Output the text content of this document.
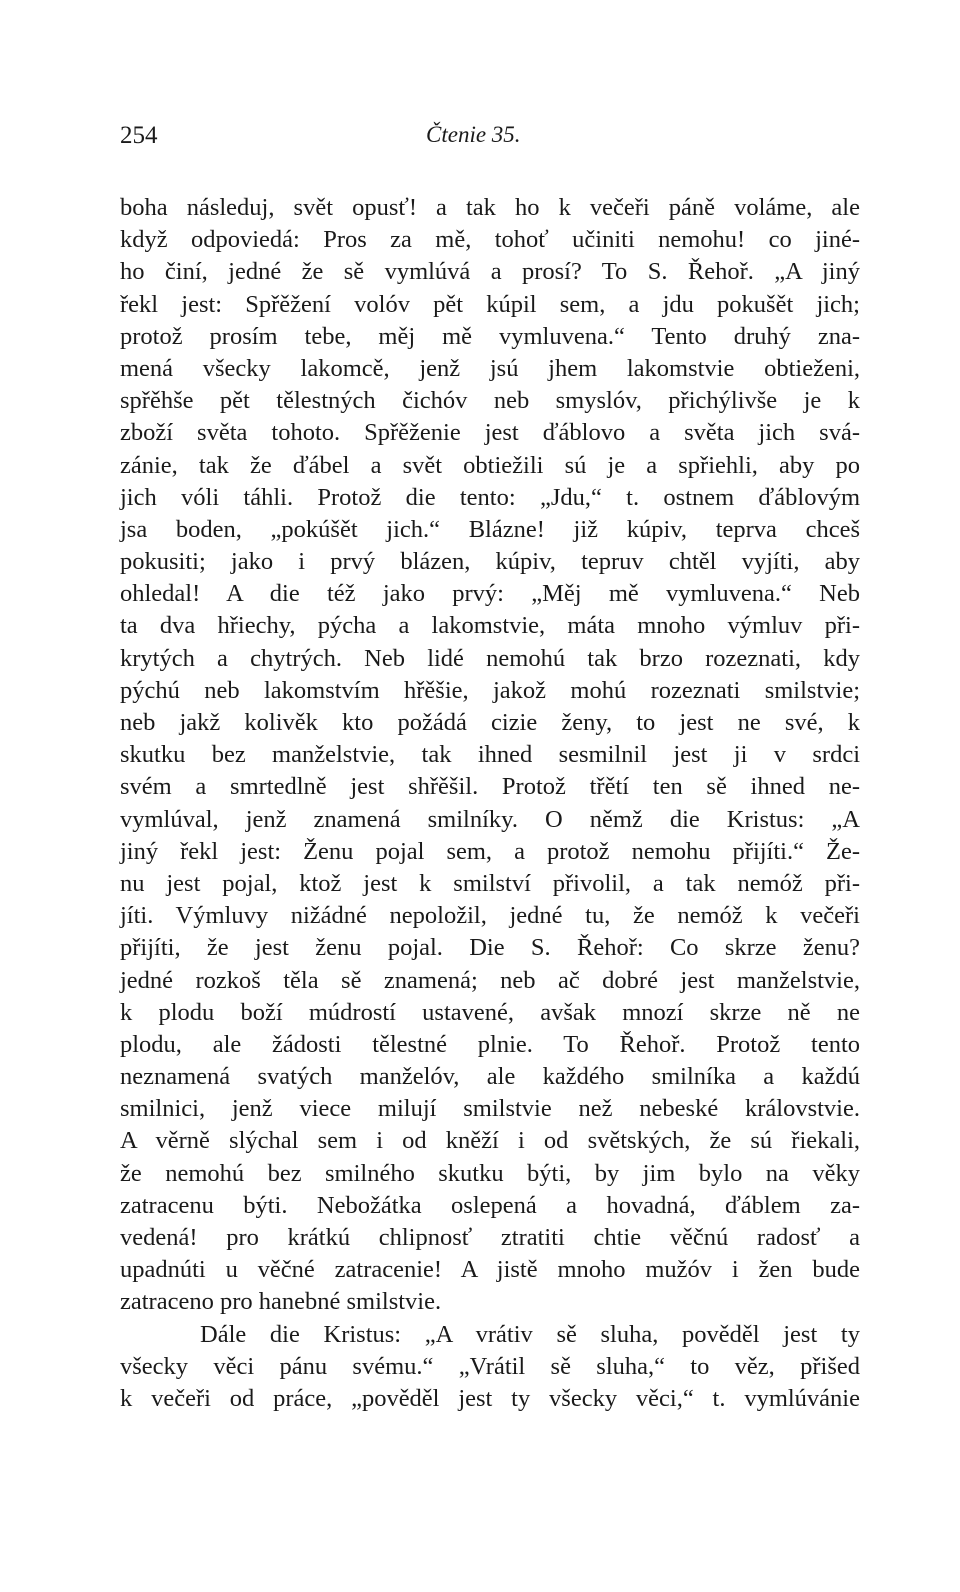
254	Čtenie 35.
boha následuj, svět opusť! a tak ho k večeři páně voláme, ale
když odpoviedá: Pros za mě, tohoť učiniti nemohu! co jiné-
ho činí, jedné že sě vymlúvá a prosí? To S. Řehoř. „A jiný
řekl jest: Spřěžení volóv pět kúpil sem, a jdu pokušět jich;
protož prosím tebe, měj mě vymluvena.“ Tento druhý zna-
mená všecky lakomcě, jenž jsú jhem lakomstvie obtieženi,
spřěhše pět tělestných čichóv neb smyslóv, přichýlivše je k
zboží světa tohoto. Spřěženie jest ďáblovo a světa jich svá-
zánie, tak že ďábel a svět obtiežili sú je a spřiehli, aby po
jich vóli táhli. Protož die tento: „Jdu,“ t. ostnem ďáblovým
jsa boden, „pokúšět jich.“ Blázne! již kúpiv, teprva chceš
pokusiti; jako i prvý blázen, kúpiv, tepruv chtěl vyjíti, aby
ohledal! A die též jako prvý: „Měj mě vymluvena.“ Neb
ta dva hřiechy, pýcha a lakomstvie, máta mnoho výmluv při-
krytých a chytrých. Neb lidé nemohú tak brzo rozeznati, kdy
pýchú neb lakomstvím hřěšie, jakož mohú rozeznati smilstvie;
neb jakž kolivěk kto požádá cizie ženy, to jest ne své, k
skutku bez manželstvie, tak ihned sesmilnil jest ji v srdci
svém a smrtedlně jest shřěšil. Protož třětí ten sě ihned ne-
vymlúval, jenž znamená smilníky. O němž die Kristus: „A
jiný řekl jest: Ženu pojal sem, a protož nemohu přijíti.“ Že-
nu jest pojal, ktož jest k smilství přivolil, a tak nemóž při-
jíti. Výmluvy nižádné nepoložil, jedné tu, že nemóž k večeři
přijíti, že jest ženu pojal. Die S. Řehoř: Co skrze ženu?
jedné rozkoš těla sě znamená; neb ač dobré jest manželstvie,
k plodu boží múdrostí ustavené, avšak mnozí skrze ně ne
plodu, ale žádosti tělestné plnie. To Řehoř. Protož tento
neznamená svatých manželóv, ale každého smilníka a každú
smilnici, jenž viece milují smilstvie než nebeské královstvie.
A věrně slýchal sem i od kněží i od světských, že sú řiekali,
že nemohú bez smilného skutku býti, by jim bylo na věky
zatracenu býti. Nebožátka oslepená a hovadná, ďáblem za-
vedená! pro krátkú chlipnosť ztratiti chtie věčnú radosť a
upadnúti u věčné zatracenie! A jistě mnoho mužóv i žen bude
zatraceno pro hanebné smilstvie.
Dále die Kristus: „A vrátiv sě sluha, pověděl jest ty
všecky věci pánu svému.“ „Vrátil sě sluha,“ to věz, přišed
k večeři od práce, „pověděl jest ty všecky věci,“ t. vymlúvánie
